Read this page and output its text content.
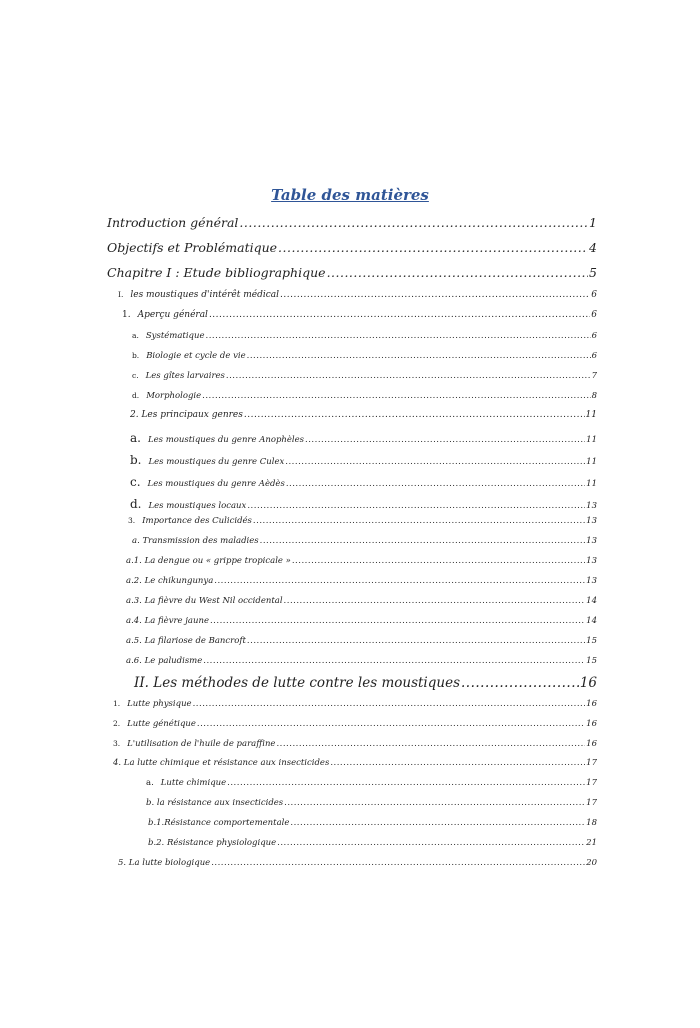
Table des matières
Introduction général .....	1
Objectifs et Problématique .....	4
Chapitre I : Etude bibliographique .....	5
I. les moustiques d'intérêt médical .....	6
1. Aperçu général .....	6
a. Systématique .....	6
b. Biologie et cycle de vie .....	6
c. Les gîtes larvaires .....	7
d. Morphologie .....	8
2. Les principaux genres .....	11
a. Les moustiques du genre Anophèles .....	11
b. Les moustiques du genre Culex .....	11
c. Les moustiques du genre Aèdès .....	11
d. Les moustiques locaux .....	13
3. Importance des Culicidés .....	13
a. Transmission des maladies .....	13
a.1. La dengue ou « grippe tropicale » .....	13
a.2. Le chikungunya .....	13
a.3. La fièvre du West Nil occidental .....	14
a.4. La fièvre jaune .....	14
a.5. La filariose de Bancroft .....	15
a.6. Le paludisme .....	15
II. Les méthodes de lutte contre les moustiques .....	16
1. Lutte physique .....	16
2. Lutte génétique .....	16
3. L'utilisation de l'huile de paraffine .....	16
4. La lutte chimique et résistance aux insecticides .....	17
a. Lutte chimique .....	17
b. la résistance aux insecticides .....	17
b.1.Résistance comportementale .....	18
b.2. Résistance physiologique .....	21
5. La lutte biologique .....	20
